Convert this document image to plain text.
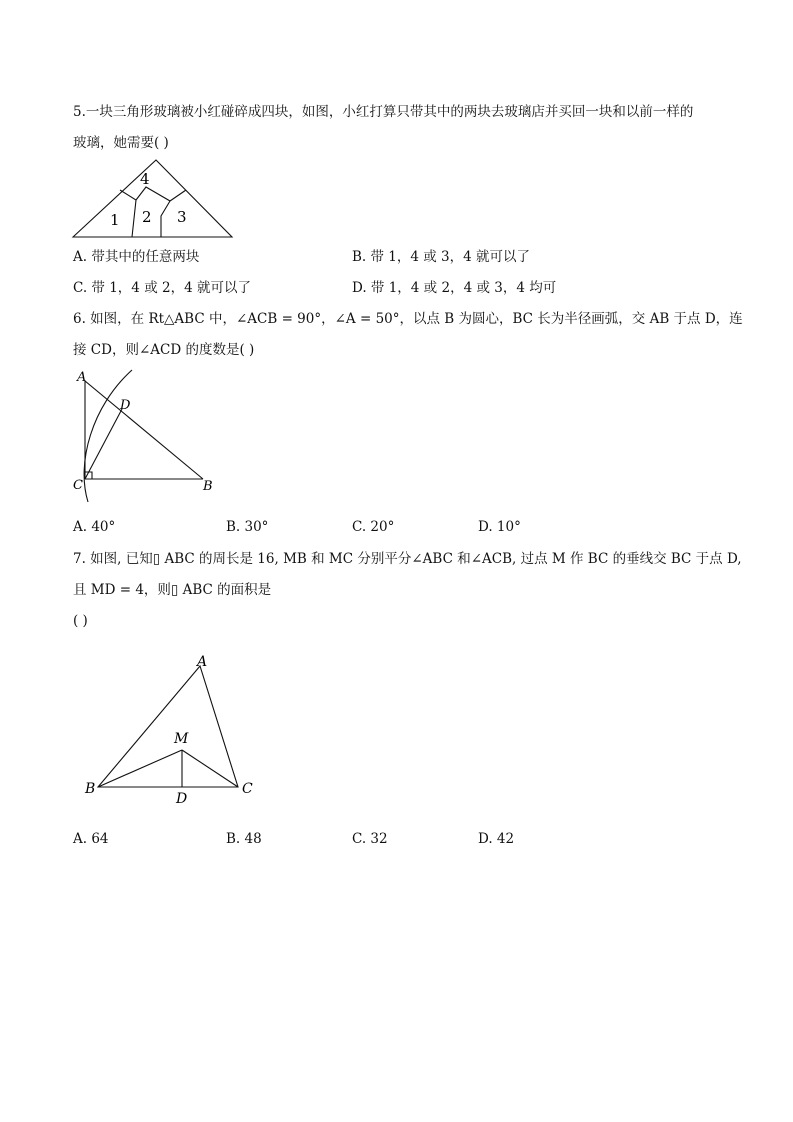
5.一块三角形玻璃被小红碰碎成四块，如图，小红打算只带其中的两块去玻璃店并买回一块和以前一样的
玻璃，她需要( )
1 2 3
4
A. 带其中的任意两块	B. 带 1，4 或 3，4 就可以了
C. 带 1，4 或 2，4 就可以了	D. 带 1，4 或 2，4 或 3，4 均可
6. 如图，在 Rt△ABC 中，∠ACB = 90°，∠A = 50°，以点 B 为圆心，BC 长为半径画弧，交 AB 于点 D，连
接 CD，则∠ACD 的度数是( )
A
D
C	B
A. 40°	B. 30°	C. 20°	D. 10°
7. 如图, 已知▯ ABC 的周长是 16, MB 和 MC 分别平分∠ABC 和∠ACB, 过点 M 作 BC 的垂线交 BC 于点 D,
且 MD = 4，则▯ ABC 的面积是
( )
A
M
B	C
D
A. 64	B. 48	C. 32	D. 42
